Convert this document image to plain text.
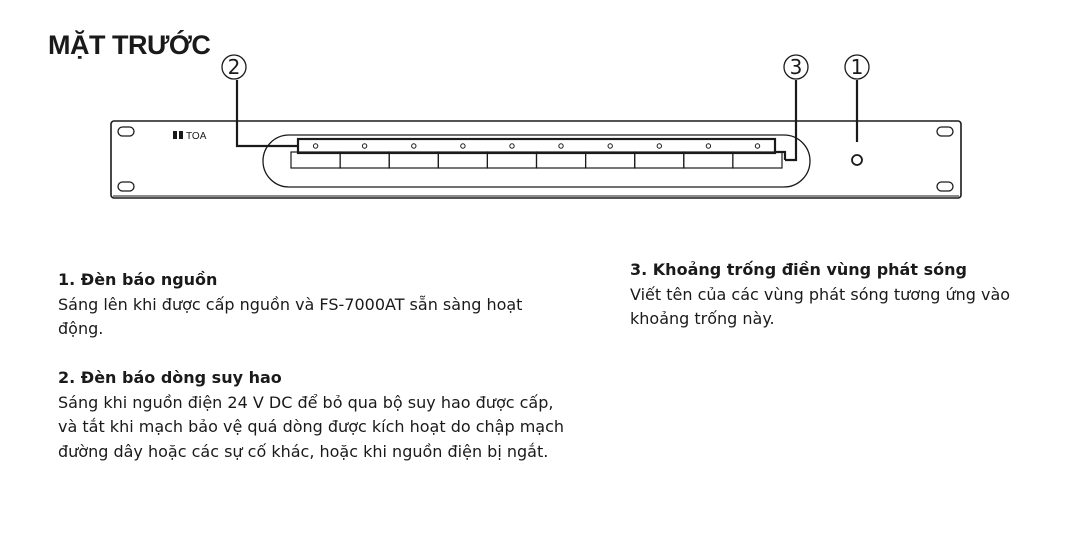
MẶT TRƯỚC
TOA
2	3 1
1. Đèn báo nguồn

Sáng lên khi được cấp nguồn và FS-7000AT sẵn sàng hoạt động.

2. Đèn báo dòng suy hao

Sáng khi nguồn điện 24 V DC để bỏ qua bộ suy hao được cấp, và tắt khi mạch bảo vệ quá dòng được kích hoạt do chập mạch đường dây hoặc các sự cố khác, hoặc khi nguồn điện bị ngắt.

3. Khoảng trống điền vùng phát sóng

Viết tên của các vùng phát sóng tương ứng vào khoảng trống này.
